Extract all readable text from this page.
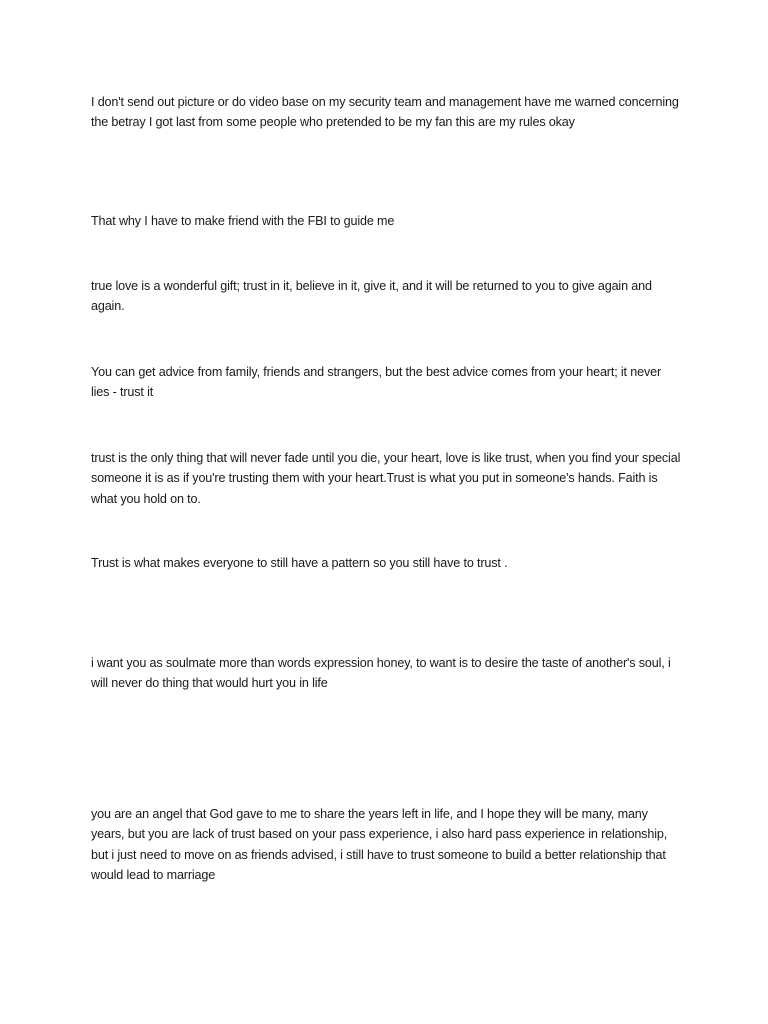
I don't send out picture or do video base on my security team and management have me warned concerning the betray I got last from some people who pretended to be my fan this are my rules okay

That why I have to make friend with the FBI to guide me

true love is a wonderful gift; trust in it, believe in it, give it, and it will be returned to you to give again and again.

You can get advice from family, friends and strangers, but the best advice comes from your heart; it never lies - trust it

trust is the only thing that will never fade until you die, your heart, love is like trust, when you find your special someone it is as if you're trusting them with your heart.Trust is what you put in someone's hands. Faith is what you hold on to.

Trust is what makes everyone to still have a pattern so you still have to trust .

i want you as soulmate more than words expression honey, to want is to desire the taste of another's soul, i will never do thing that would hurt you in life

you are an angel that God gave to me to share the years left in life, and I hope they will be many, many years, but you are lack of trust based on your pass experience, i also hard pass experience in relationship, but i just need to move on as friends advised, i still have to trust someone to build a better relationship that would lead to marriage
